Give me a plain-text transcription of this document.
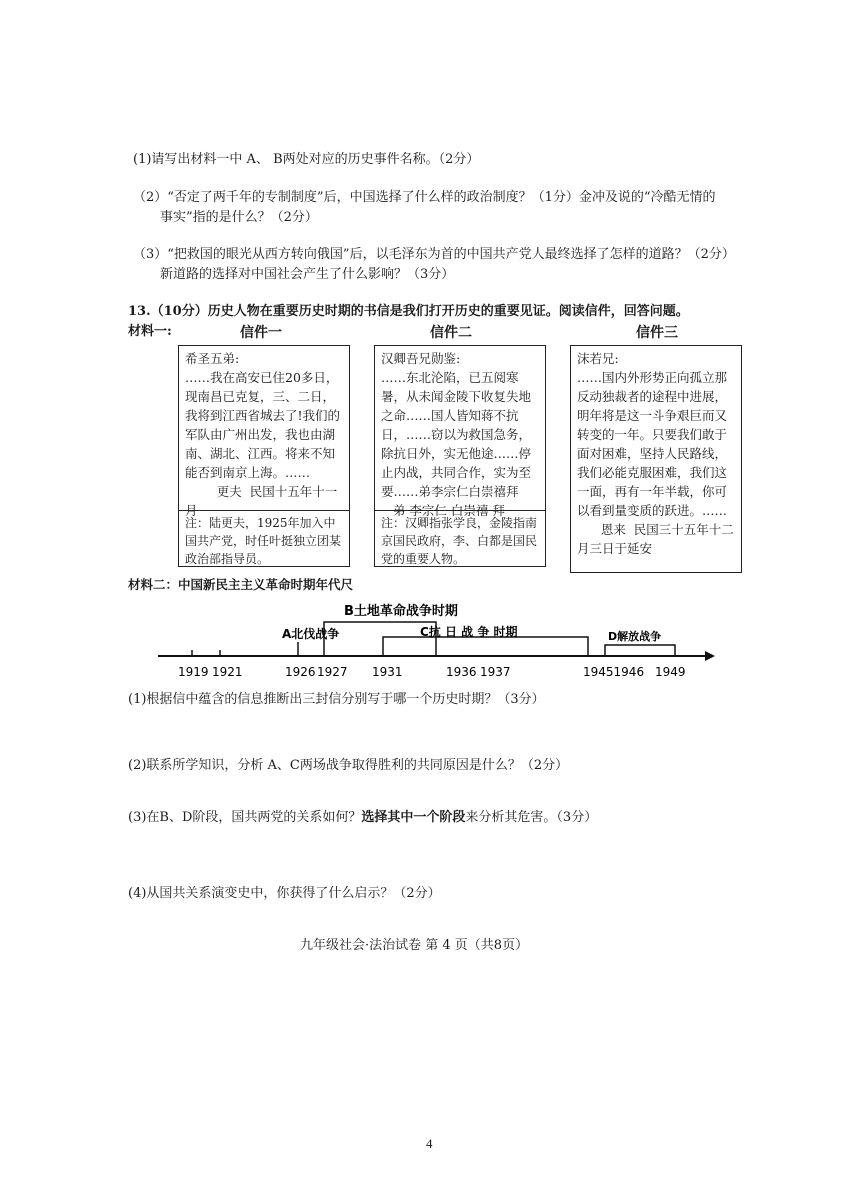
(1)请写出材料一中 A、 B两处对应的历史事件名称。（2分）
（2）“否定了两千年的专制制度”后，中国选择了什么样的政治制度？（1分）金冲及说的“冷酷无情的
事实”指的是什么？（2分）
（3）“把救国的眼光从西方转向俄国”后，以毛泽东为首的中国共产党人最终选择了怎样的道路？（2分）
新道路的选择对中国社会产生了什么影响？（3分）
13.（10分）历史人物在重要历史时期的书信是我们打开历史的重要见证。阅读信件，回答问题。
材料一:	信件一	信件二	信件三
希圣五弟:
……我在高安已住20多日，现南昌已克复，三、二日，我将到江西省城去了!我们的军队由广州出发，我也由湖南、湖北、江西。将来不知能否到南京上海。……
更夫  民国十五年十一月
注：陆更夫，1925年加入中国共产党，时任叶挺独立团某政治部指导员。
汉卿吾兄勋鉴:
……东北沦陷，已五阅寒暑，从未闻金陵下收复失地之命……国人皆知蒋不抗日，……窃以为救国急务，除抗日外，实无他途……停止内战，共同合作，实为至要……弟李宗仁白崇禧拜
弟 李宗仁 白崇禧 拜
注：汉卿指张学良，金陵指南京国民政府，李、白都是国民党的重要人物。
沫若兄:
……国内外形势正向孤立那反动独裁者的途程中进展，明年将是这一斗争艰巨而又转变的一年。只要我们敢于面对困难，坚持人民路线，我们必能克服困难，我们这一面，再有一年半载，你可以看到量变质的跃进。……
恩来  民国三十五年十二月三日于延安
材料二：中国新民主主义革命时期年代尺
B土地革命战争时期
A北伐战争	C抗 日 战 争 时期	D解放战争
1919 1921	1926 1927 1931	1936 1937	19451946 1949
(1)根据信中蕴含的信息推断出三封信分别写于哪一个历史时期？（3分）
(2)联系所学知识，分析 A、C两场战争取得胜利的共同原因是什么？（2分）
(3)在B、D阶段，国共两党的关系如何？选择其中一个阶段来分析其危害。（3分）
(4)从国共关系演变史中，你获得了什么启示？（2分）
九年级社会·法治试卷 第 4 页（共8页）
4
